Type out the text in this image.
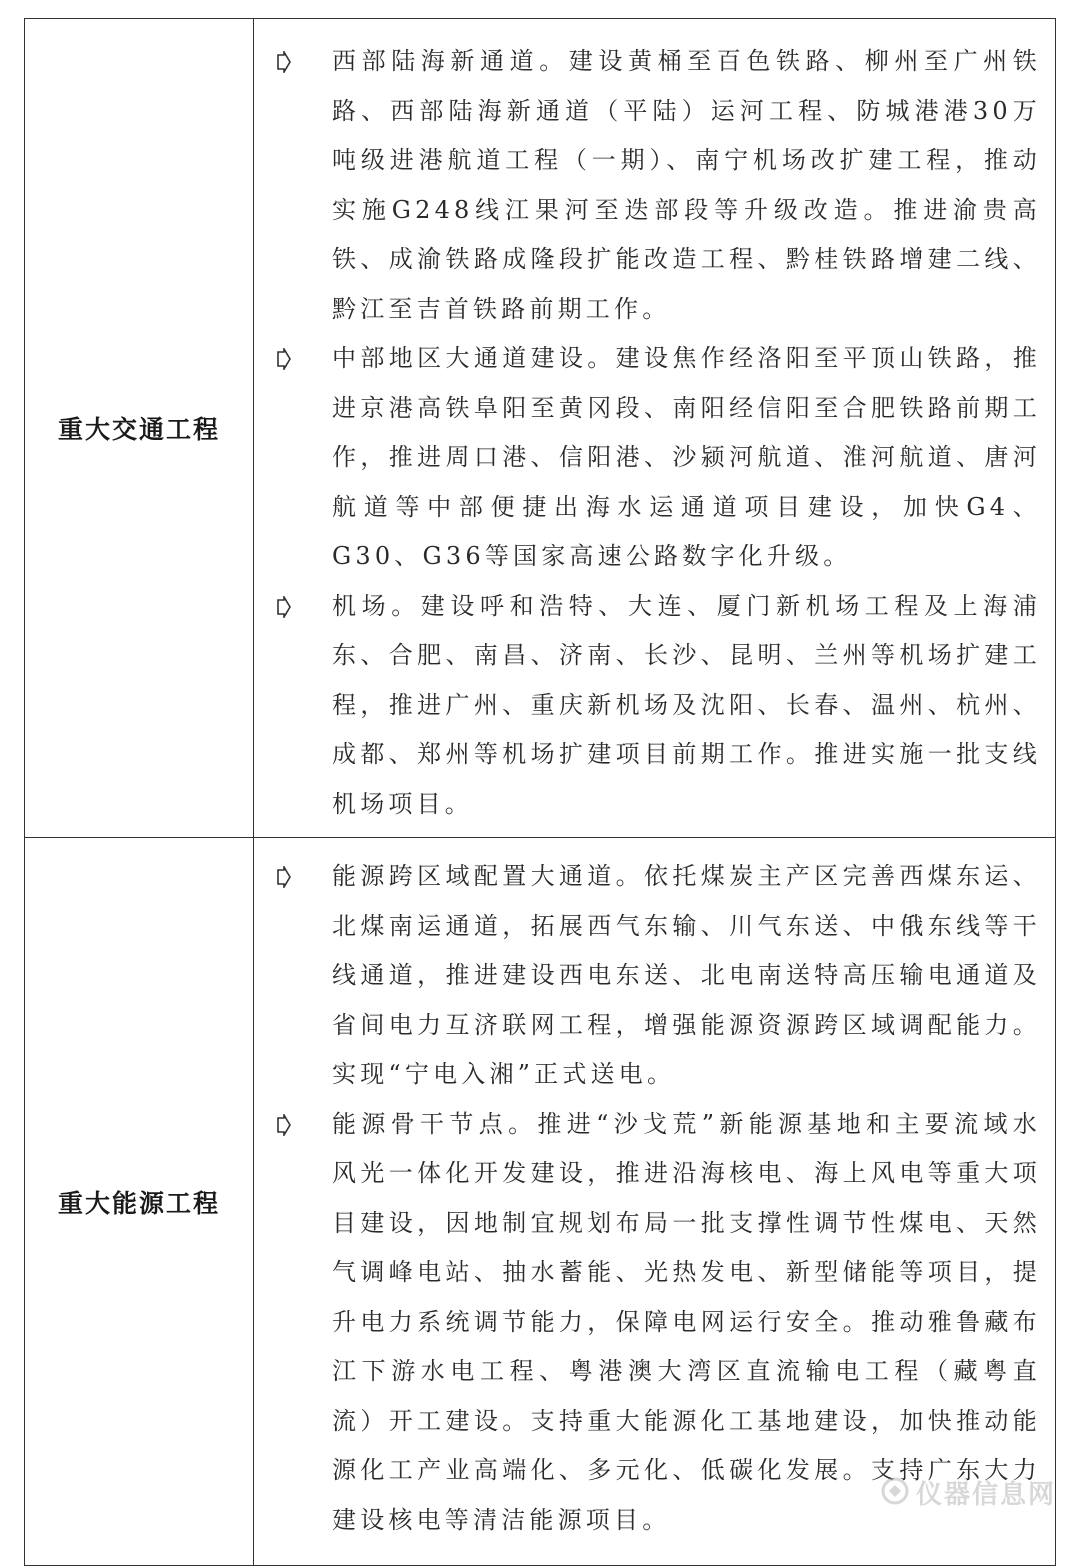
重大交通工程	西部陆海新通道。建设黄桶至百色铁路、柳州至广州铁路、西部陆海新通道（平陆）运河工程、防城港港30万吨级进港航道工程（一期）、南宁机场改扩建工程，推动实施G248线江果河至迭部段等升级改造。推进渝贵高铁、成渝铁路成隆段扩能改造工程、黔桂铁路增建二线、黔江至吉首铁路前期工作。
中部地区大通道建设。建设焦作经洛阳至平顶山铁路，推进京港高铁阜阳至黄冈段、南阳经信阳至合肥铁路前期工作，推进周口港、信阳港、沙颍河航道、淮河航道、唐河航道等中部便捷出海水运通道项目建设，加快G4、G30、G36等国家高速公路数字化升级。
机场。建设呼和浩特、大连、厦门新机场工程及上海浦东、合肥、南昌、济南、长沙、昆明、兰州等机场扩建工程，推进广州、重庆新机场及沈阳、长春、温州、杭州、成都、郑州等机场扩建项目前期工作。推进实施一批支线机场项目。

重大能源工程	能源跨区域配置大通道。依托煤炭主产区完善西煤东运、北煤南运通道，拓展西气东输、川气东送、中俄东线等干线通道，推进建设西电东送、北电南送特高压输电通道及省间电力互济联网工程，增强能源资源跨区域调配能力。实现“宁电入湘”正式送电。
能源骨干节点。推进“沙戈荒”新能源基地和主要流域水风光一体化开发建设，推进沿海核电、海上风电等重大项目建设，因地制宜规划布局一批支撑性调节性煤电、天然气调峰电站、抽水蓄能、光热发电、新型储能等项目，提升电力系统调节能力，保障电网运行安全。推动雅鲁藏布江下游水电工程、粤港澳大湾区直流输电工程（藏粤直流）开工建设。支持重大能源化工基地建设，加快推动能源化工产业高端化、多元化、低碳化发展。支持广东大力建设核电等清洁能源项目。
仪器信息网
